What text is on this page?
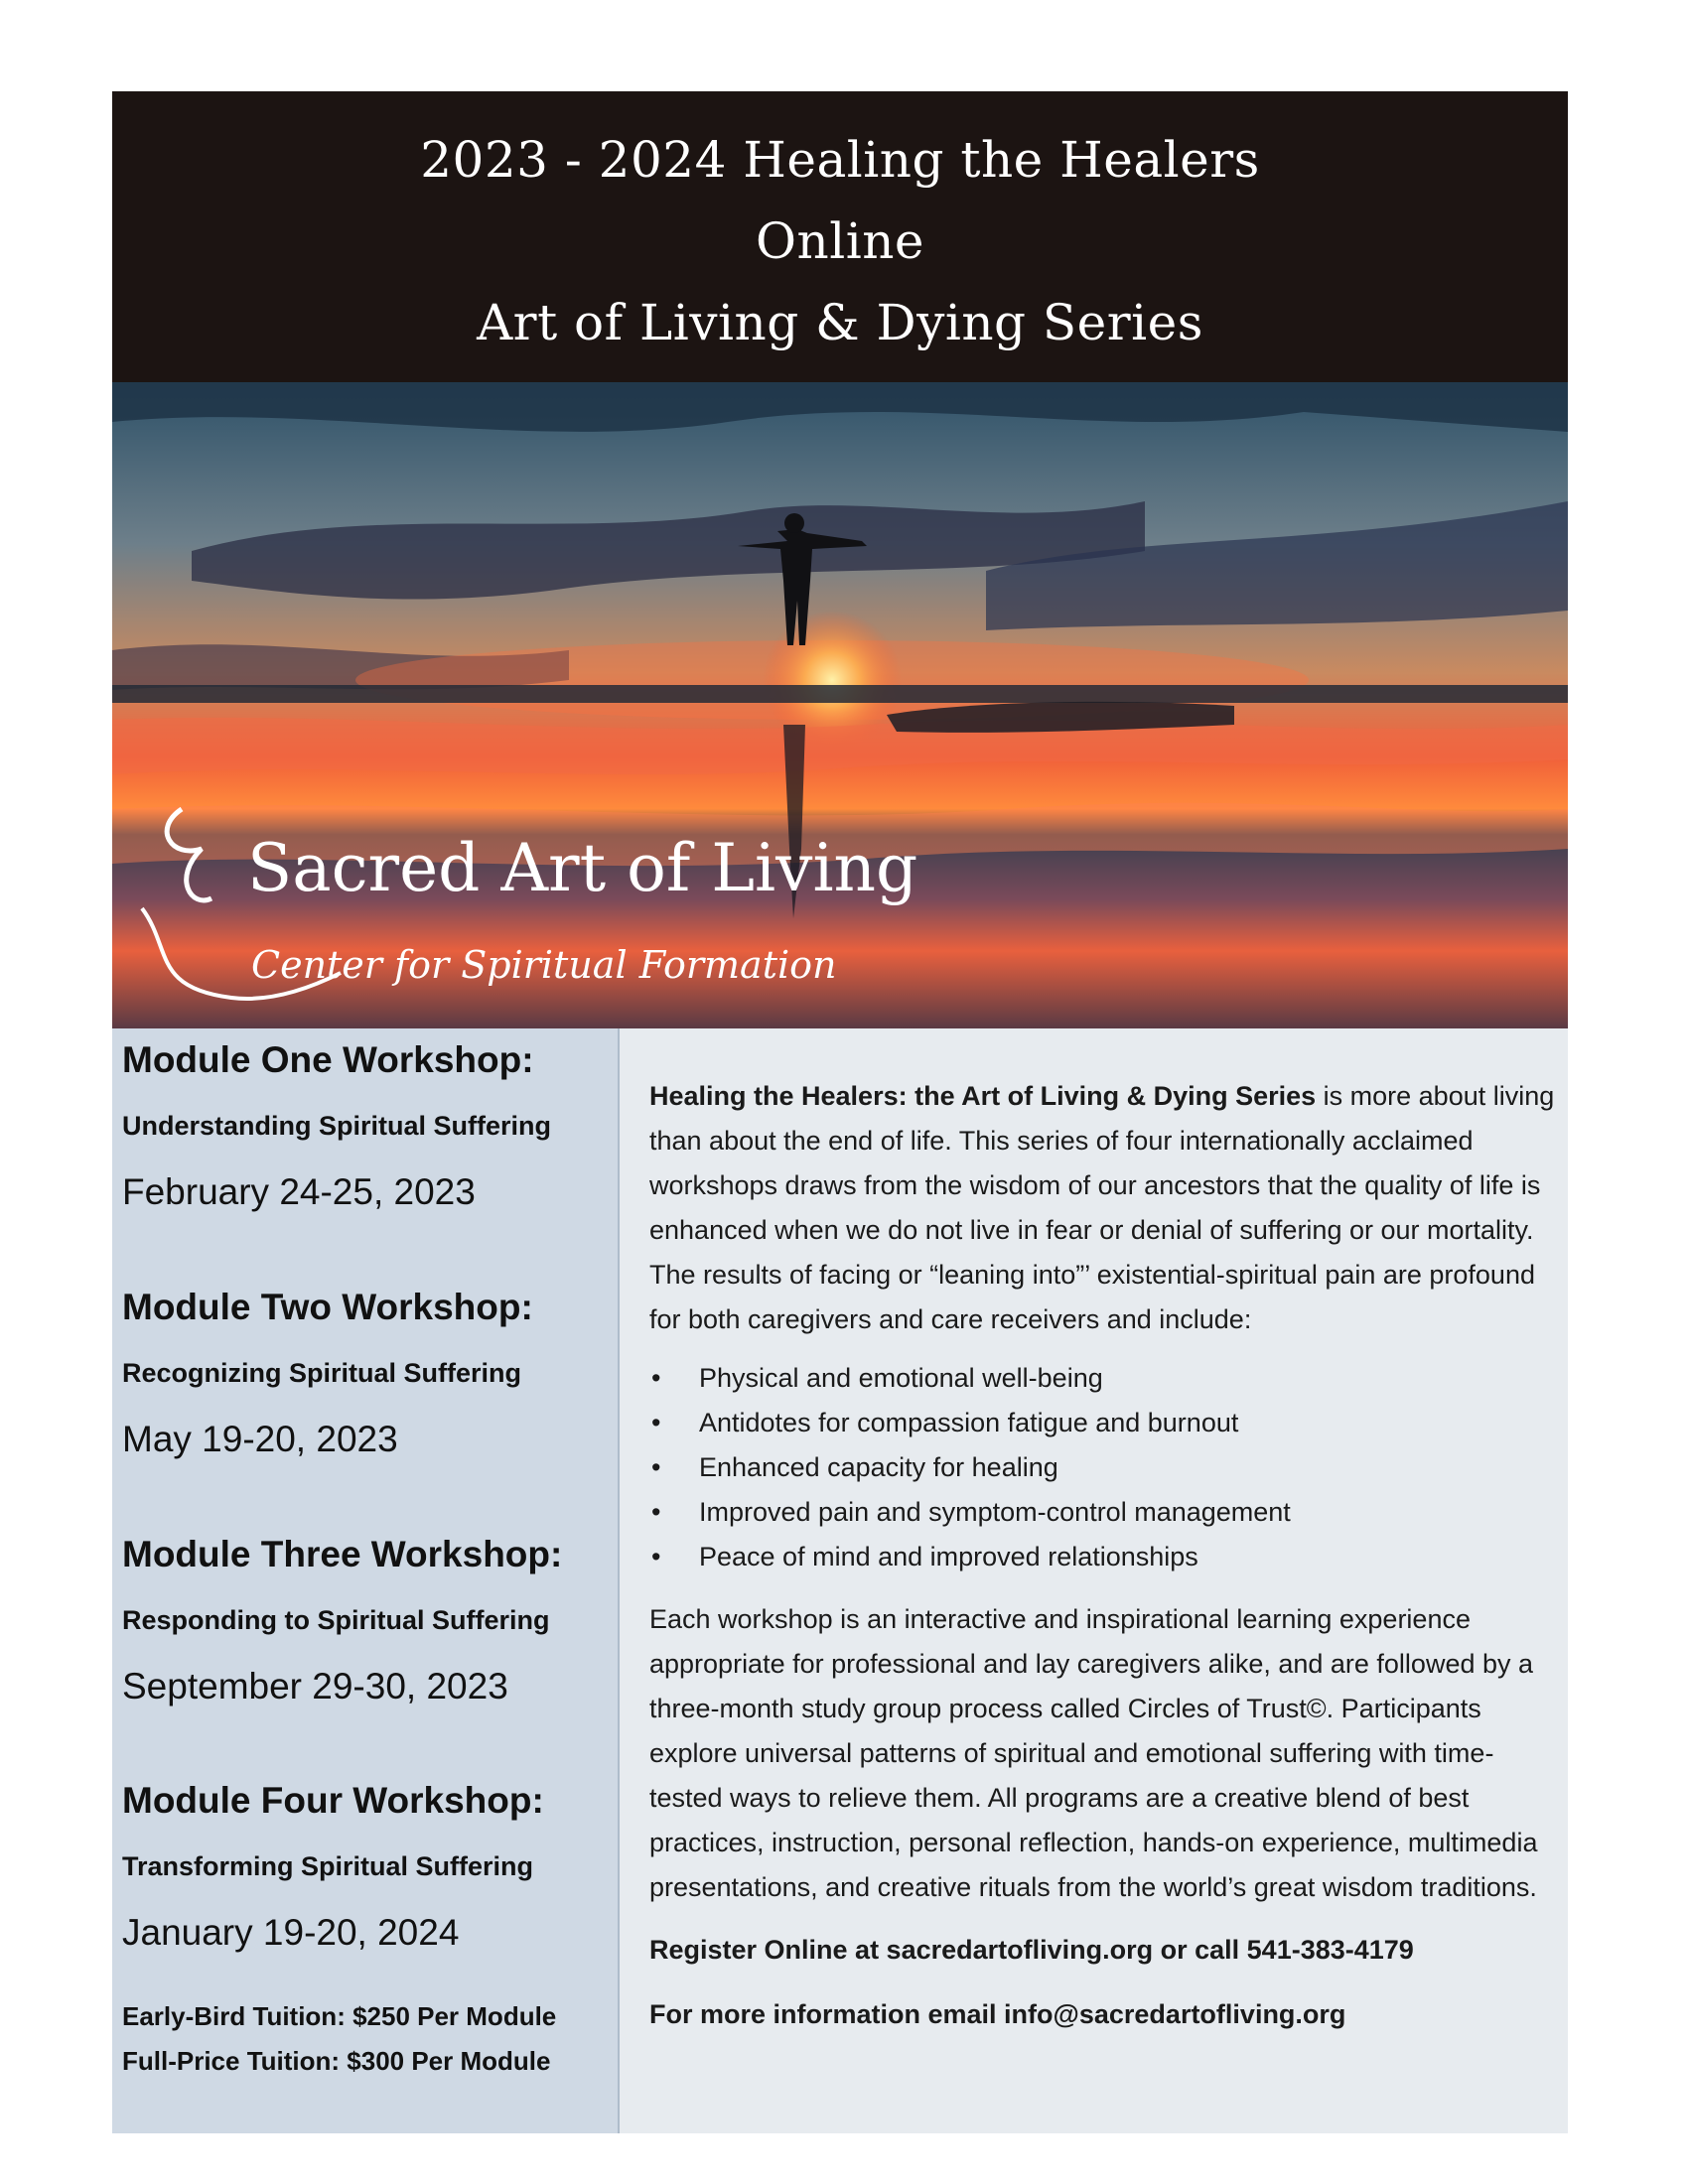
2023 - 2024 Healing the Healers
Online
Art of Living & Dying Series
Sacred Art of Living
Center for Spiritual Formation
Module One Workshop:
Understanding Spiritual Suffering
February 24-25, 2023
Module Two Workshop:
Recognizing Spiritual Suffering
May 19-20, 2023
Module Three Workshop:
Responding to Spiritual Suffering
September 29-30, 2023
Module Four Workshop:
Transforming Spiritual Suffering
January 19-20, 2024
Early-Bird Tuition: $250 Per Module
Full-Price Tuition: $300 Per Module

Healing the Healers: the Art of Living & Dying Series is more about living than about the end of life. This series of four internationally acclaimed workshops draws from the wisdom of our ancestors that the quality of life is enhanced when we do not live in fear or denial of suffering or our mortality. The results of facing or “leaning into”’ existential-spiritual pain are profound for both caregivers and care receivers and include:

• Physical and emotional well-being
• Antidotes for compassion fatigue and burnout
• Enhanced capacity for healing
• Improved pain and symptom-control management
• Peace of mind and improved relationships

Each workshop is an interactive and inspirational learning experience appropriate for professional and lay caregivers alike, and are followed by a three-month study group process called Circles of Trust©. Participants explore universal patterns of spiritual and emotional suffering with time-tested ways to relieve them. All programs are a creative blend of best practices, instruction, personal reflection, hands-on experience, multimedia presentations, and creative rituals from the world’s great wisdom traditions.

Register Online at sacredartofliving.org or call 541-383-4179

For more information email info@sacredartofliving.org
